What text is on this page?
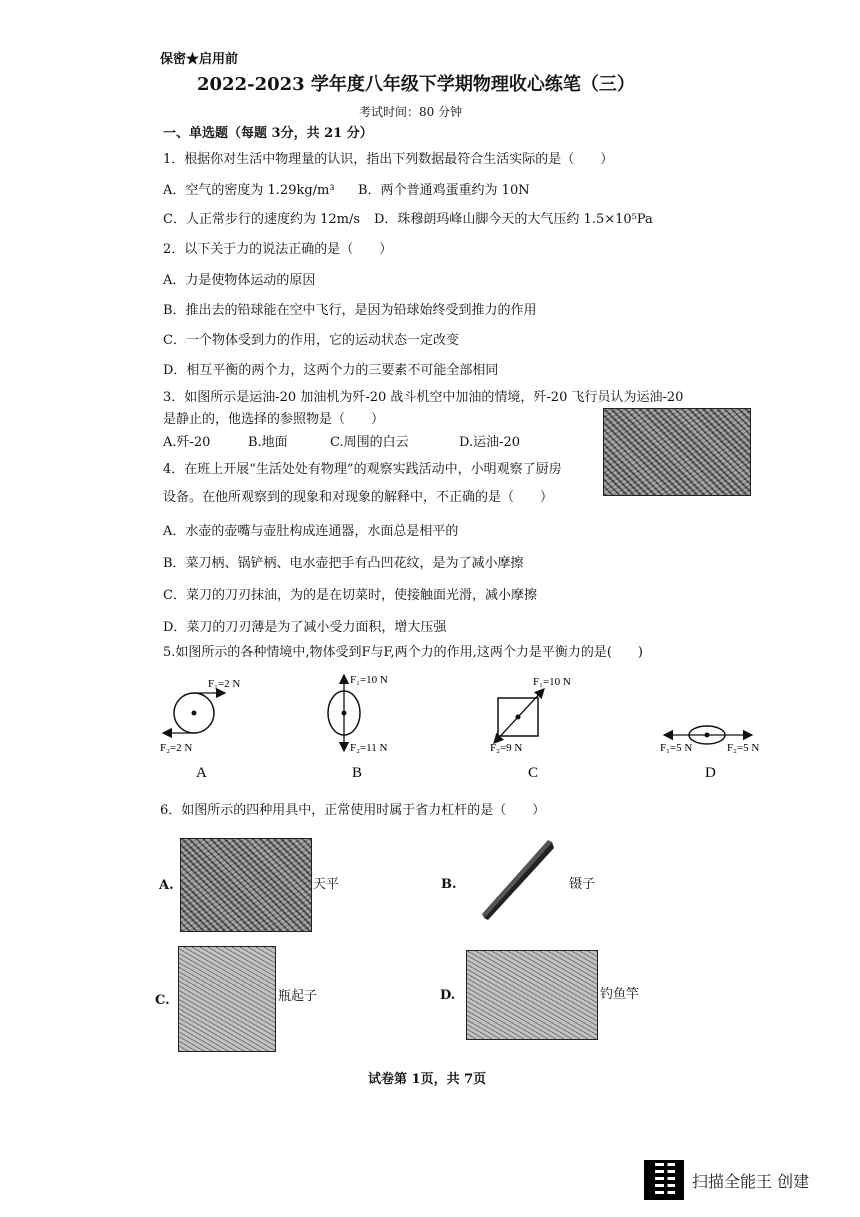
保密★启用前
2022-2023 学年度八年级下学期物理收心练笔（三）
考试时间：80 分钟
一、单选题（每题 3分，共 21 分）
1．根据你对生活中物理量的认识，指出下列数据最符合生活实际的是（　　）
A．空气的密度为 1.29kg/m³ B．两个普通鸡蛋重约为 10N
C．人正常步行的速度约为 12m/s D．珠穆朗玛峰山脚今天的大气压约 1.5×10⁵Pa
2．以下关于力的说法正确的是（　　）
A．力是使物体运动的原因
B．推出去的铅球能在空中飞行，是因为铅球始终受到推力的作用
C．一个物体受到力的作用，它的运动状态一定改变
D．相互平衡的两个力，这两个力的三要素不可能全部相同
3．如图所示是运油-20 加油机为歼-20 战斗机空中加油的情境，歼-20 飞行员认为运油-20
是静止的，他选择的参照物是（　　）
A.歼-20	B.地面	C.周围的白云	D.运油-20
4．在班上开展“生活处处有物理”的观察实践活动中，小明观察了厨房
设备。在他所观察到的现象和对现象的解释中，不正确的是（　　）
A．水壶的壶嘴与壶肚构成连通器，水面总是相平的
B．菜刀柄、锅铲柄、电水壶把手有凸凹花纹，是为了减小摩擦
C．菜刀的刀刃抹油，为的是在切菜时，使接触面光滑，减小摩擦
D．菜刀的刀刃薄是为了减小受力面积，增大压强
5.如图所示的各种情境中,物体受到F与F,两个力的作用,这两个力是平衡力的是(　　)
F₁=2 N
F₂=2 N
A
F₁=10 N
F₂=11 N
B
F₁=10 N
F₂=9 N
C
F₁=5 N	F₂=5 N
D
6．如图所示的四种用具中，正常使用时属于省力杠杆的是（　　）
A.	天平	B.	镊子
C.	瓶起子	D.	钓鱼竿
试卷第 1页，共 7页
扫描全能王 创建
